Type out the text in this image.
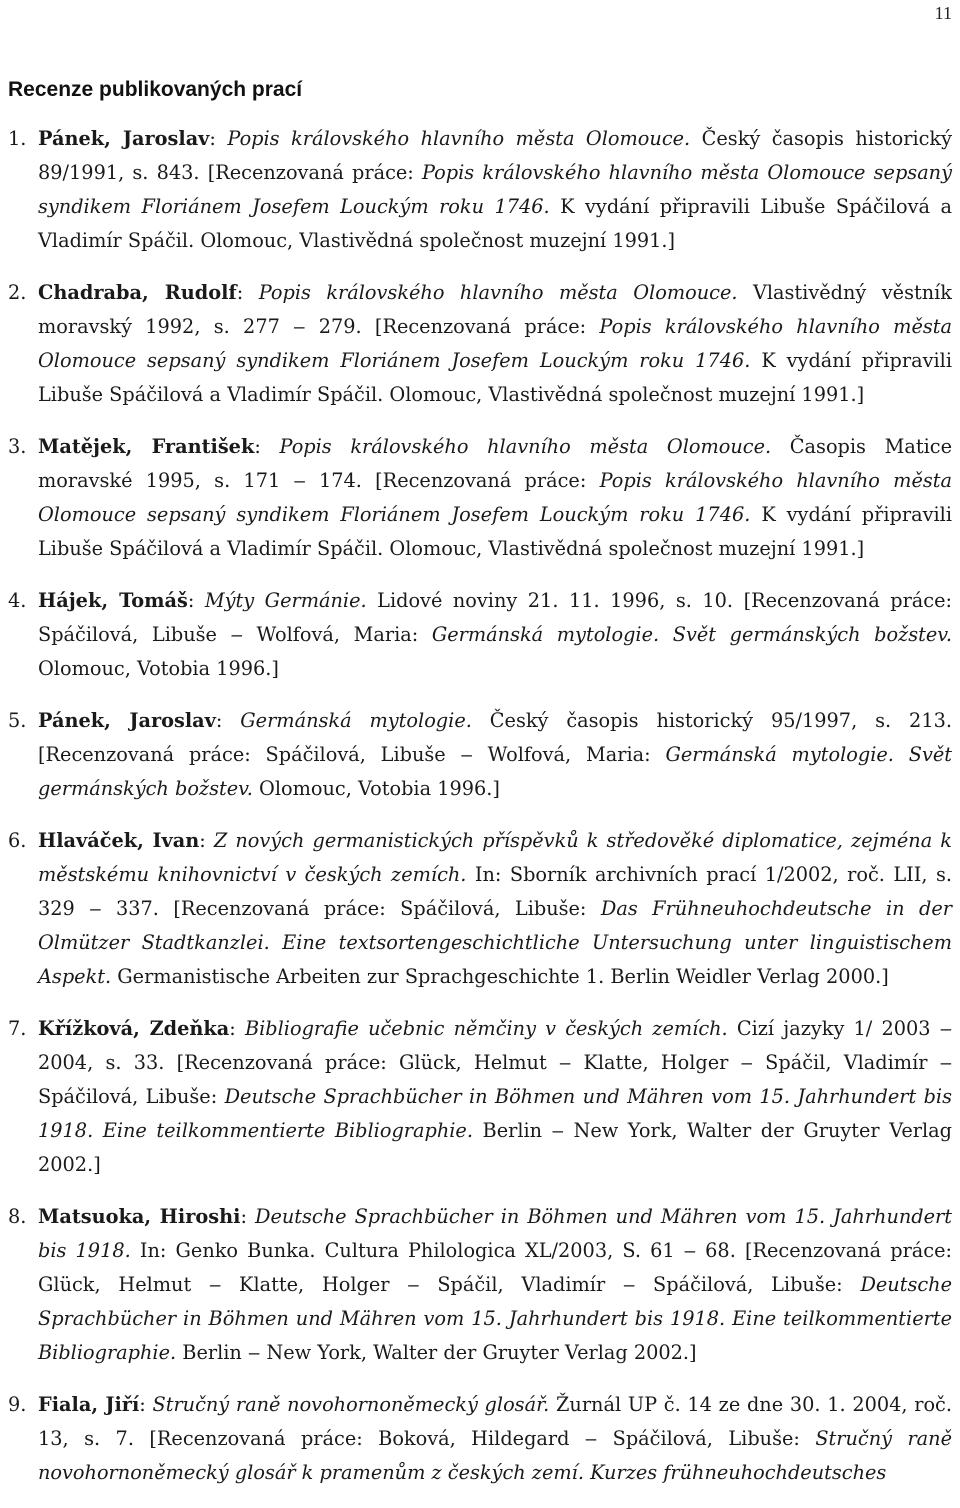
11
Recenze publikovaných prací
1. Pánek, Jaroslav: Popis královského hlavního města Olomouce. Český časopis historický 89/1991, s. 843. [Recenzovaná práce: Popis královského hlavního města Olomouce sepsaný syndikem Floriánem Josefem Louckým roku 1746. K vydání připravili Libuše Spáčilová a Vladimír Spáčil. Olomouc, Vlastivědná společnost muzejní 1991.]
2. Chadraba, Rudolf: Popis královského hlavního města Olomouce. Vlastivědný věstník moravský 1992, s. 277 ‒ 279. [Recenzovaná práce: Popis královského hlavního města Olomouce sepsaný syndikem Floriánem Josefem Louckým roku 1746. K vydání připravili Libuše Spáčilová a Vladimír Spáčil. Olomouc, Vlastivědná společnost muzejní 1991.]
3. Matějek, František: Popis královského hlavního města Olomouce. Časopis Matice moravské 1995, s. 171 ‒ 174. [Recenzovaná práce: Popis královského hlavního města Olomouce sepsaný syndikem Floriánem Josefem Louckým roku 1746. K vydání připravili Libuše Spáčilová a Vladimír Spáčil. Olomouc, Vlastivědná společnost muzejní 1991.]
4. Hájek, Tomáš: Mýty Germánie. Lidové noviny 21. 11. 1996, s. 10. [Recenzovaná práce: Spáčilová, Libuše ‒ Wolfová, Maria: Germánská mytologie. Svět germánských božstev. Olomouc, Votobia 1996.]
5. Pánek, Jaroslav: Germánská mytologie. Český časopis historický 95/1997, s. 213. [Recenzovaná práce: Spáčilová, Libuše ‒ Wolfová, Maria: Germánská mytologie. Svět germánských božstev. Olomouc, Votobia 1996.]
6. Hlaváček, Ivan: Z nových germanistických příspěvků k středověké diplomatice, zejména k městskému knihovnictví v českých zemích. In: Sborník archivních prací 1/2002, roč. LII, s. 329 ‒ 337. [Recenzovaná práce: Spáčilová, Libuše: Das Frühneuhochdeutsche in der Olmützer Stadtkanzlei. Eine textsortengeschichtliche Untersuchung unter linguistischem Aspekt. Germanistische Arbeiten zur Sprachgeschichte 1. Berlin Weidler Verlag 2000.]
7. Křížková, Zdeňka: Bibliografie učebnic němčiny v českých zemích. Cizí jazyky 1/ 2003 ‒ 2004, s. 33. [Recenzovaná práce: Glück, Helmut ‒ Klatte, Holger ‒ Spáčil, Vladimír ‒ Spáčilová, Libuše: Deutsche Sprachbücher in Böhmen und Mähren vom 15. Jahrhundert bis 1918. Eine teilkommentierte Bibliographie. Berlin ‒ New York, Walter der Gruyter Verlag 2002.]
8. Matsuoka, Hiroshi: Deutsche Sprachbücher in Böhmen und Mähren vom 15. Jahrhundert bis 1918. In: Genko Bunka. Cultura Philologica XL/2003, S. 61 ‒ 68. [Recenzovaná práce: Glück, Helmut ‒ Klatte, Holger ‒ Spáčil, Vladimír ‒ Spáčilová, Libuše: Deutsche Sprachbücher in Böhmen und Mähren vom 15. Jahrhundert bis 1918. Eine teilkommentierte Bibliographie. Berlin ‒ New York, Walter der Gruyter Verlag 2002.]
9. Fiala, Jiří: Stručný raně novohornoněmecký glosář. Žurnál UP č. 14 ze dne 30. 1. 2004, roč. 13, s. 7. [Recenzovaná práce: Boková, Hildegard ‒ Spáčilová, Libuše: Stručný raně novohornoněmecký glosář k pramenům z českých zemí. Kurzes frühneuhochdeutsches
